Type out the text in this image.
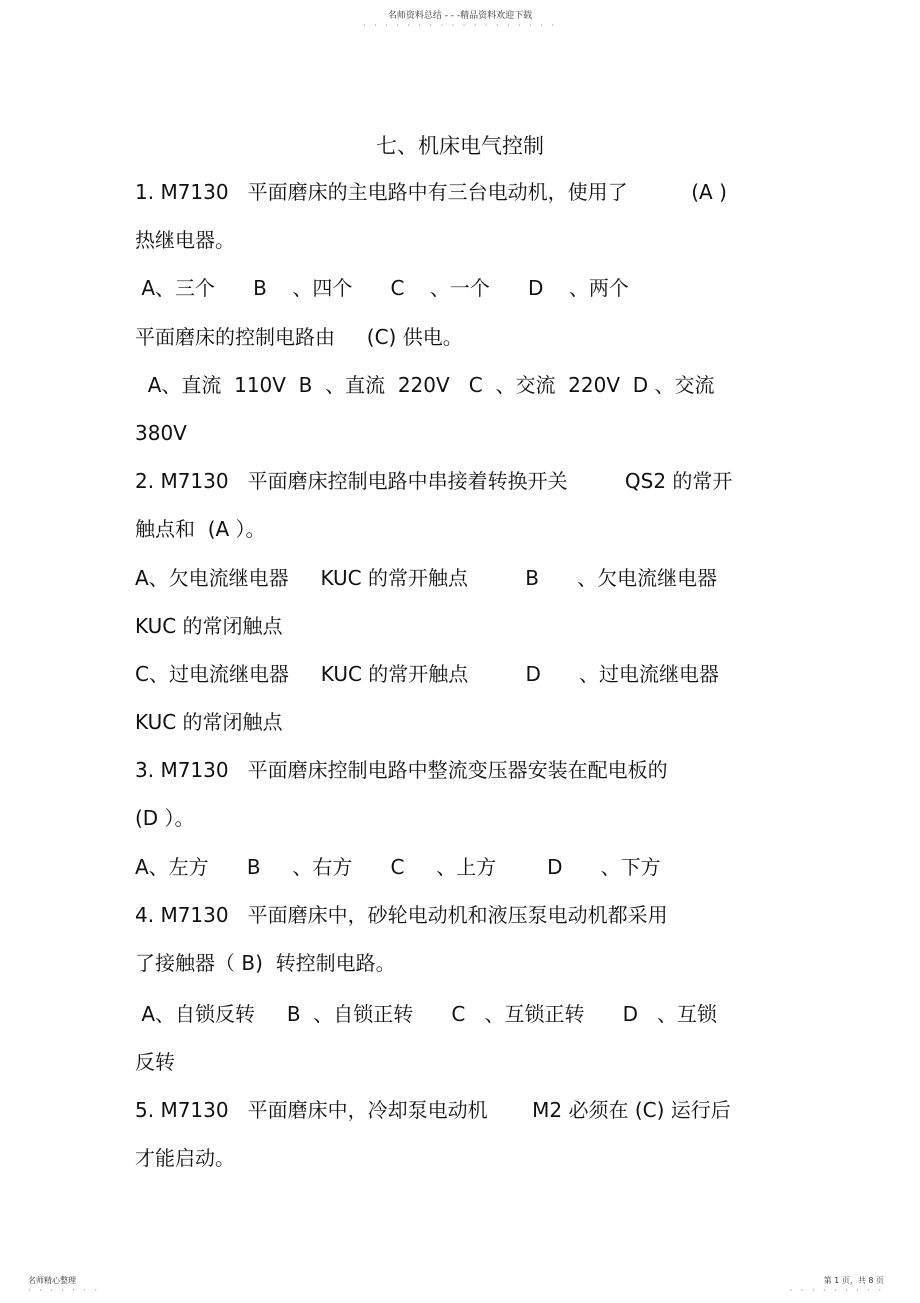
名师资料总结 - - -精品资料欢迎下载
· · · · · · · · · · · · · · · · · ·
七、机床电气控制
1. M7130   平面磨床的主电路中有三台电动机，使用了          (A )
热继电器。
A、三个      B    、四个      C    、一个      D    、两个
平面磨床的控制电路由     (C) 供电。
A、直流  110V  B  、直流  220V   C  、交流  220V  D 、交流
380V
2. M7130   平面磨床控制电路中串接着转换开关         QS2 的常开
触点和  (A ）。
A、欠电流继电器     KUC 的常开触点         B      、欠电流继电器
KUC 的常闭触点
C、过电流继电器     KUC 的常开触点         D      、过电流继电器
KUC 的常闭触点
3. M7130   平面磨床控制电路中整流变压器安装在配电板的
(D ）。
A、左方      B     、右方      C     、上方        D      、下方
4. M7130   平面磨床中，砂轮电动机和液压泵电动机都采用
了接触器（ B)  转控制电路。
A、自锁反转     B  、自锁正转      C   、互锁正转      D   、互锁
反转
5. M7130   平面磨床中，冷却泵电动机       M2 必须在 (C) 运行后
才能启动。
名师精心整理
· · · · · · ·
第 1 页，共 8 页
· · · · · · · · ·
